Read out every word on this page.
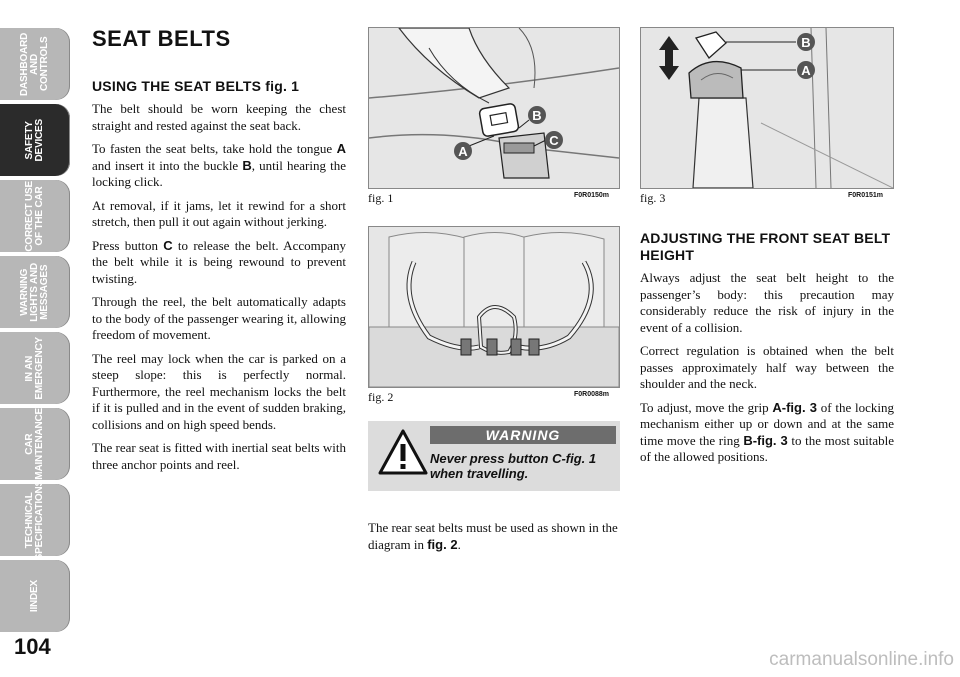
DASHBOARD
AND CONTROLS
SAFETY
DEVICES
CORRECT USE
OF THE CAR
WARNING
LIGHTS AND
MESSAGES
IN AN
EMERGENCY
CAR
MAINTENANCE
TECHNICAL
SPECIFICATIONS
IINDEX
104
SEAT BELTS
USING THE SEAT BELTS fig. 1

The belt should be worn keeping the chest straight and rested against the seat back.

To fasten the seat belts, take hold the tongue A and insert it into the buckle B, until hearing the locking click.

At removal, if it jams, let it rewind for a short stretch, then pull it out again without jerking.

Press button C to release the belt. Accompany the belt while it is being rewound to prevent twisting.

Through the reel, the belt automatically adapts to the body of the passenger wearing it, allowing freedom of movement.

The reel may lock when the car is parked on a steep slope: this is perfectly normal. Furthermore, the reel mechanism locks the belt if it is pulled and in the event of sudden braking, collisions and on high speed bends.

The rear seat is fitted with inertial seat belts with three anchor points and reel.

A
B
C
fig. 1	F0R0150m
fig. 2	F0R0088m
WARNING
Never press button C-fig. 1 when travelling.

The rear seat belts must be used as shown in the diagram in fig. 2.

B
A
fig. 3	F0R0151m
ADJUSTING THE FRONT SEAT BELT HEIGHT

Always adjust the seat belt height to the passenger’s body: this precaution may considerably reduce the risk of injury in the event of a collision.

Correct regulation is obtained when the belt passes approximately half way between the shoulder and the neck.

To adjust, move the grip A-fig. 3 of the locking mechanism either up or down and at the same time move the ring B-fig. 3 to the most suitable of the allowed positions.

carmanualsonline.info
